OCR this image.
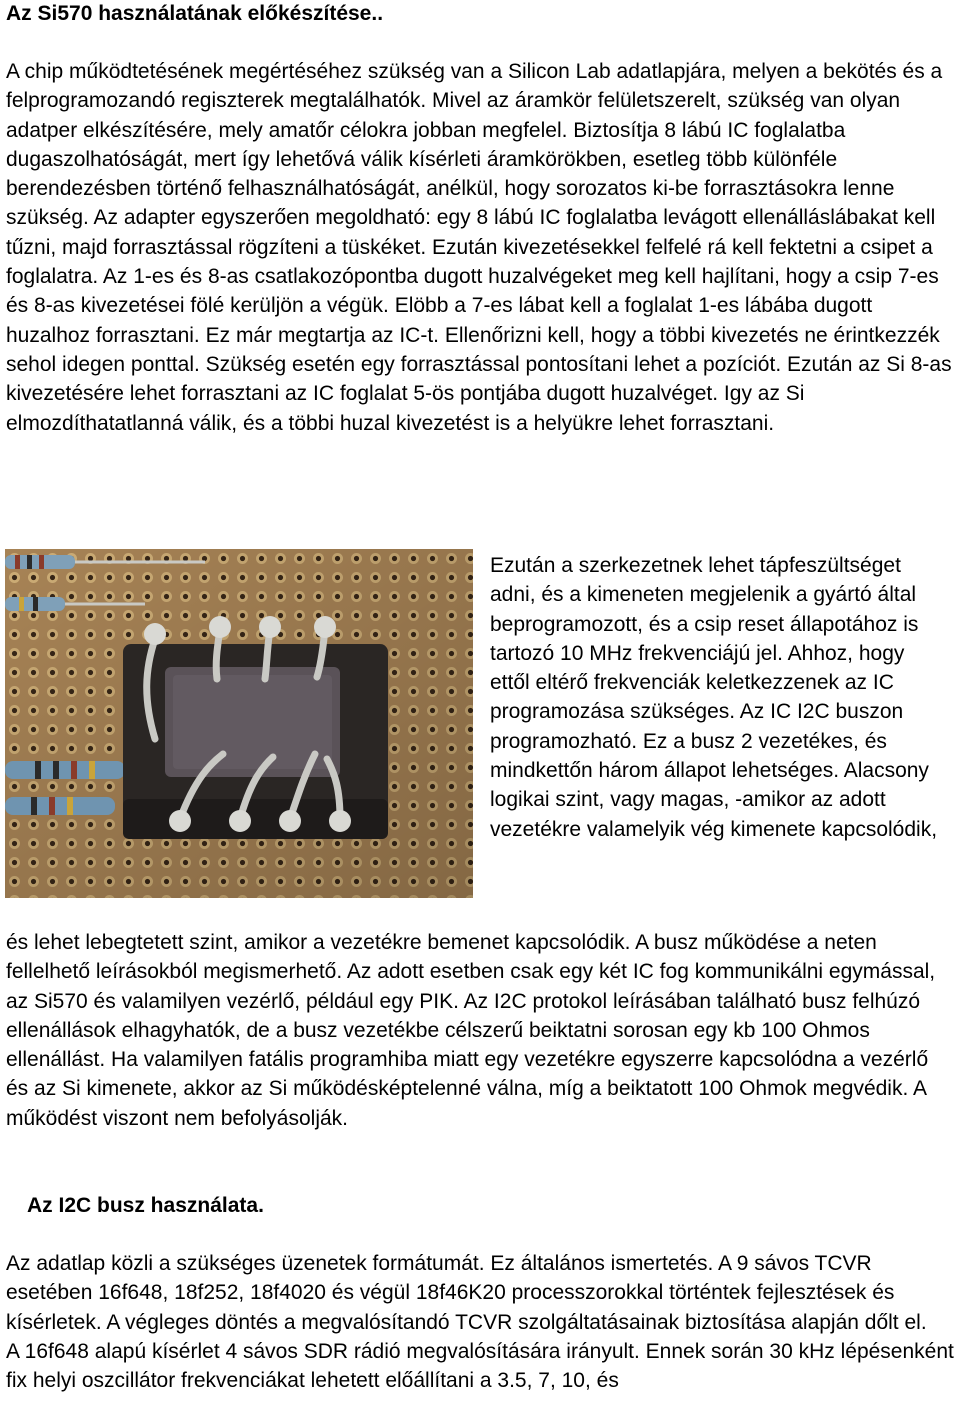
Az Si570 használatának előkészítése..

A chip működtetésének megértéséhez szükség van a Silicon Lab adatlapjára, melyen a bekötés és a felprogramozandó regiszterek megtalálhatók. Mivel az áramkör felületszerelt, szükség van olyan adatper elkészítésére, mely amatőr célokra jobban megfelel. Biztosítja 8 lábú IC foglalatba dugaszolhatóságát, mert így lehetővá válik kísérleti áramkörökben, esetleg több különféle berendezésben történő felhasználhatóságát, anélkül, hogy sorozatos ki-be forrasztásokra lenne szükség. Az adapter egyszerően megoldható: egy 8 lábú IC foglalatba levágott ellenálláslábakat kell tűzni, majd forrasztással rögzíteni a tüskéket. Ezután kivezetésekkel felfelé rá kell fektetni a csipet a foglalatra. Az 1-es és 8-as csatlakozópontba dugott huzalvégeket meg kell hajlítani, hogy a csip 7-es és 8-as kivezetései fölé kerüljön a végük. Elöbb a 7-es lábat kell a foglalat 1-es lábába dugott huzalhoz forrasztani. Ez már megtartja az IC-t. Ellenőrizni kell, hogy a többi kivezetés ne érintkezzék sehol idegen ponttal. Szükség esetén egy forrasztással pontosítani lehet a pozíciót. Ezután az Si 8-as kivezetésére lehet forrasztani az IC foglalat 5-ös pontjába dugott huzalvéget. Igy az Si elmozdíthatatlanná válik, és a többi huzal kivezetést is a helyükre lehet forrasztani.

Ezután a szerkezetnek lehet tápfeszültséget adni, és a kimeneten megjelenik a gyártó által beprogramozott, és a csip reset állapotához is tartozó 10 MHz frekvenciájú jel. Ahhoz, hogy ettől eltérő frekvenciák keletkezzenek az IC programozása szükséges. Az IC I2C buszon programozható. Ez a busz 2 vezetékes, és mindkettőn három állapot lehetséges. Alacsony logikai szint, vagy magas, -amikor az adott vezetékre valamelyik vég kimenete kapcsolódik,

és lehet lebegtetett szint, amikor a vezetékre bemenet kapcsolódik. A busz működése a neten fellelhető leírásokból megismerhető. Az adott esetben csak egy két IC fog kommunikálni egymással, az Si570 és valamilyen vezérlő, például egy PIK. Az I2C protokol leírásában található busz felhúzó ellenállások elhagyhatók, de a busz vezetékbe célszerű beiktatni sorosan egy kb 100 Ohmos ellenállást. Ha valamilyen fatális programhiba miatt egy vezetékre egyszerre kapcsolódna a vezérlő és az Si kimenete, akkor az Si működésképtelenné válna, míg a beiktatott 100 Ohmok megvédik. A működést viszont nem befolyásolják.

Az I2C busz használata.

Az adatlap közli a szükséges üzenetek formátumát. Ez általános ismertetés. A 9 sávos TCVR esetében 16f648, 18f252, 18f4020 és végül 18f46K20 processzorokkal történtek fejlesztések és kísérletek. A végleges döntés a megvalósítandó TCVR szolgáltatásainak biztosítása alapján dőlt el.

A 16f648 alapú kísérlet 4 sávos SDR rádió megvalósítására irányult. Ennek során 30 kHz lépésenként fix helyi oszcillátor frekvenciákat lehetett előállítani a 3.5, 7, 10, és
